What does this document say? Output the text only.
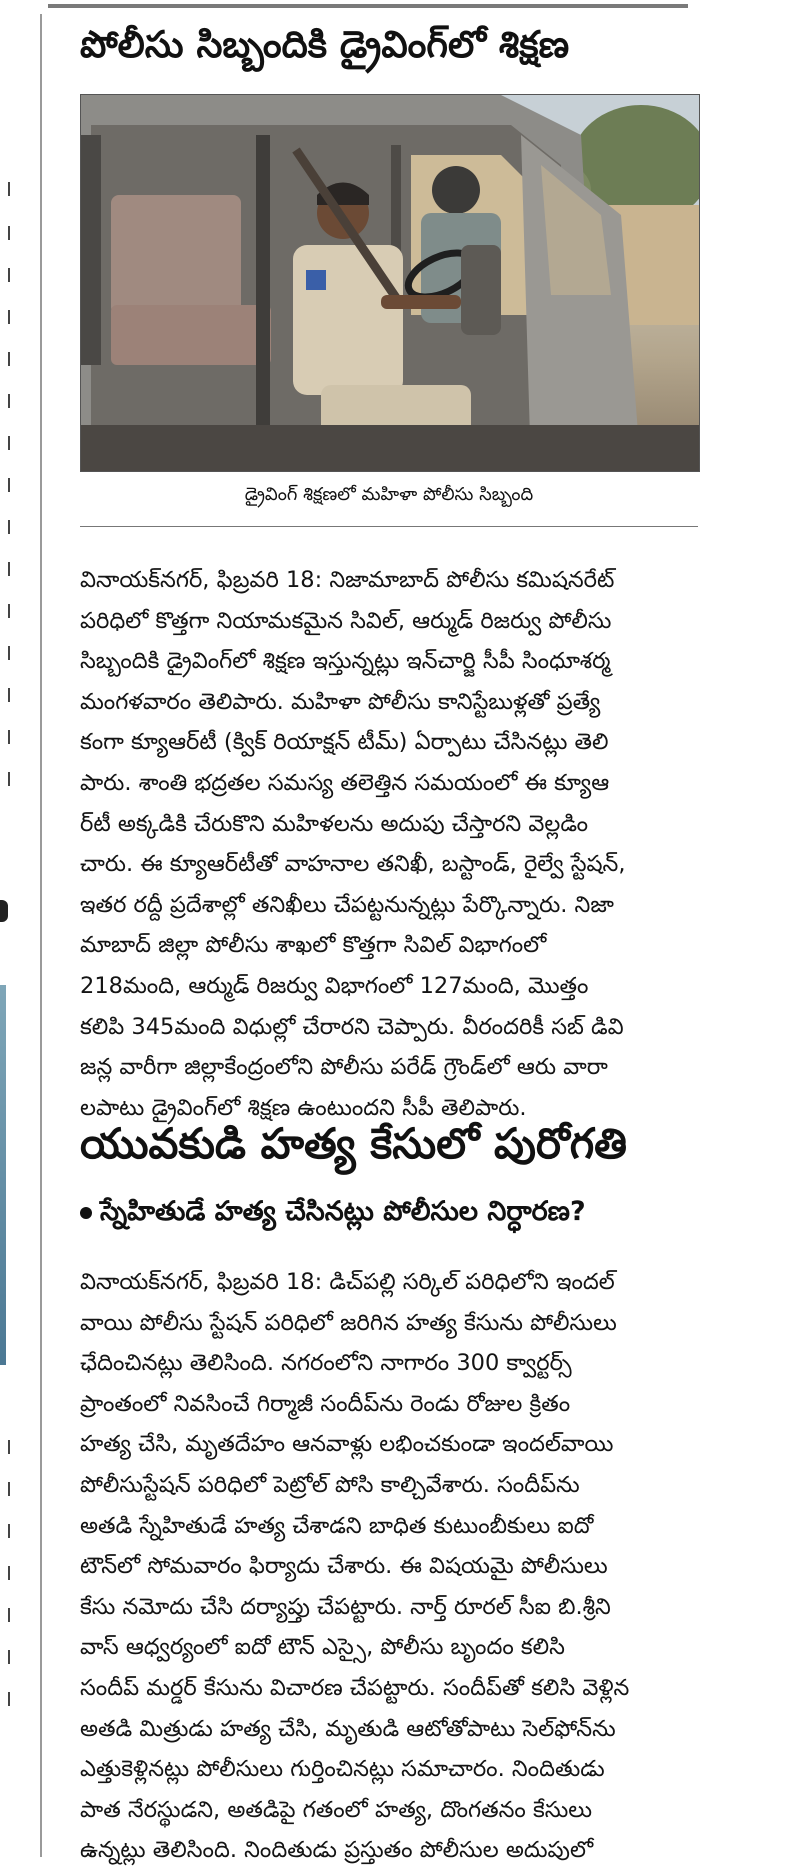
పోలీసు సిబ్బందికి డ్రైవింగ్‌లో శిక్షణ
డ్రైవింగ్ శిక్షణలో మహిళా పోలీసు సిబ్బంది
వినాయక్‌నగర్, ఫిబ్రవరి 18: నిజామాబాద్ పోలీసు కమిషనరేట్
పరిధిలో కొత్తగా నియామకమైన సివిల్, ఆర్ముడ్ రిజర్వు పోలీసు
సిబ్బందికి డ్రైవింగ్‌లో శిక్షణ ఇస్తున్నట్లు ఇన్‌చార్జి సీపీ సింధూశర్మ
మంగళవారం తెలిపారు. మహిళా పోలీసు కానిస్టేబుళ్లతో ప్రత్యే
కంగా క్యూఆర్‌టీ (క్విక్ రియాక్షన్ టీమ్) ఏర్పాటు చేసినట్లు తెలి
పారు. శాంతి భద్రతల సమస్య తలెత్తిన సమయంలో ఈ క్యూఆ
ర్‌టీ అక్కడికి చేరుకొని మహిళలను అదుపు చేస్తారని వెల్లడిం
చారు. ఈ క్యూఆర్‌టీతో వాహనాల తనిఖీ, బస్టాండ్, రైల్వే స్టేషన్,
ఇతర రద్దీ ప్రదేశాల్లో తనిఖీలు చేపట్టనున్నట్లు పేర్కొన్నారు. నిజా
మాబాద్ జిల్లా పోలీసు శాఖలో కొత్తగా సివిల్ విభాగంలో
218మంది, ఆర్ముడ్ రిజర్వు విభాగంలో 127మంది, మొత్తం
కలిపి 345మంది విధుల్లో చేరారని చెప్పారు. వీరందరికీ సబ్ డివి
జన్ల వారీగా జిల్లాకేంద్రంలోని పోలీసు పరేడ్ గ్రౌండ్‌లో ఆరు వారా
లపాటు డ్రైవింగ్‌లో శిక్షణ ఉంటుందని సీపీ తెలిపారు.
యువకుడి హత్య కేసులో పురోగతి
స్నేహితుడే హత్య చేసినట్లు పోలీసుల నిర్ధారణ?
వినాయక్‌నగర్, ఫిబ్రవరి 18: డిచ్‌పల్లి సర్కిల్ పరిధిలోని ఇందల్
వాయి పోలీసు స్టేషన్ పరిధిలో జరిగిన హత్య కేసును పోలీసులు
ఛేదించినట్లు తెలిసింది. నగరంలోని నాగారం 300 క్వార్టర్స్
ప్రాంతంలో నివసించే గిర్మాజీ సందీప్‌ను రెండు రోజుల క్రితం
హత్య చేసి, మృతదేహం ఆనవాళ్లు లభించకుండా ఇందల్‌వాయి
పోలీసుస్టేషన్ పరిధిలో పెట్రోల్ పోసి కాల్చివేశారు. సందీప్‌ను
అతడి స్నేహితుడే హత్య చేశాడని బాధిత కుటుంబీకులు ఐదో
టౌన్‌లో సోమవారం ఫిర్యాదు చేశారు. ఈ విషయమై పోలీసులు
కేసు నమోదు చేసి దర్యాప్తు చేపట్టారు. నార్త్ రూరల్ సీఐ బి.శ్రీని
వాస్ ఆధ్వర్యంలో ఐదో టౌన్ ఎస్సై, పోలీసు బృందం కలిసి
సందీప్ మర్డర్ కేసును విచారణ చేపట్టారు. సందీప్‌తో కలిసి వెళ్లిన
అతడి మిత్రుడు హత్య చేసి, మృతుడి ఆటోతోపాటు సెల్‌ఫోన్‌ను
ఎత్తుకెళ్లినట్లు పోలీసులు గుర్తించినట్లు సమాచారం. నిందితుడు
పాత నేరస్థుడని, అతడిపై గతంలో హత్య, దొంగతనం కేసులు
ఉన్నట్లు తెలిసింది. నిందితుడు ప్రస్తుతం పోలీసుల అదుపులో
